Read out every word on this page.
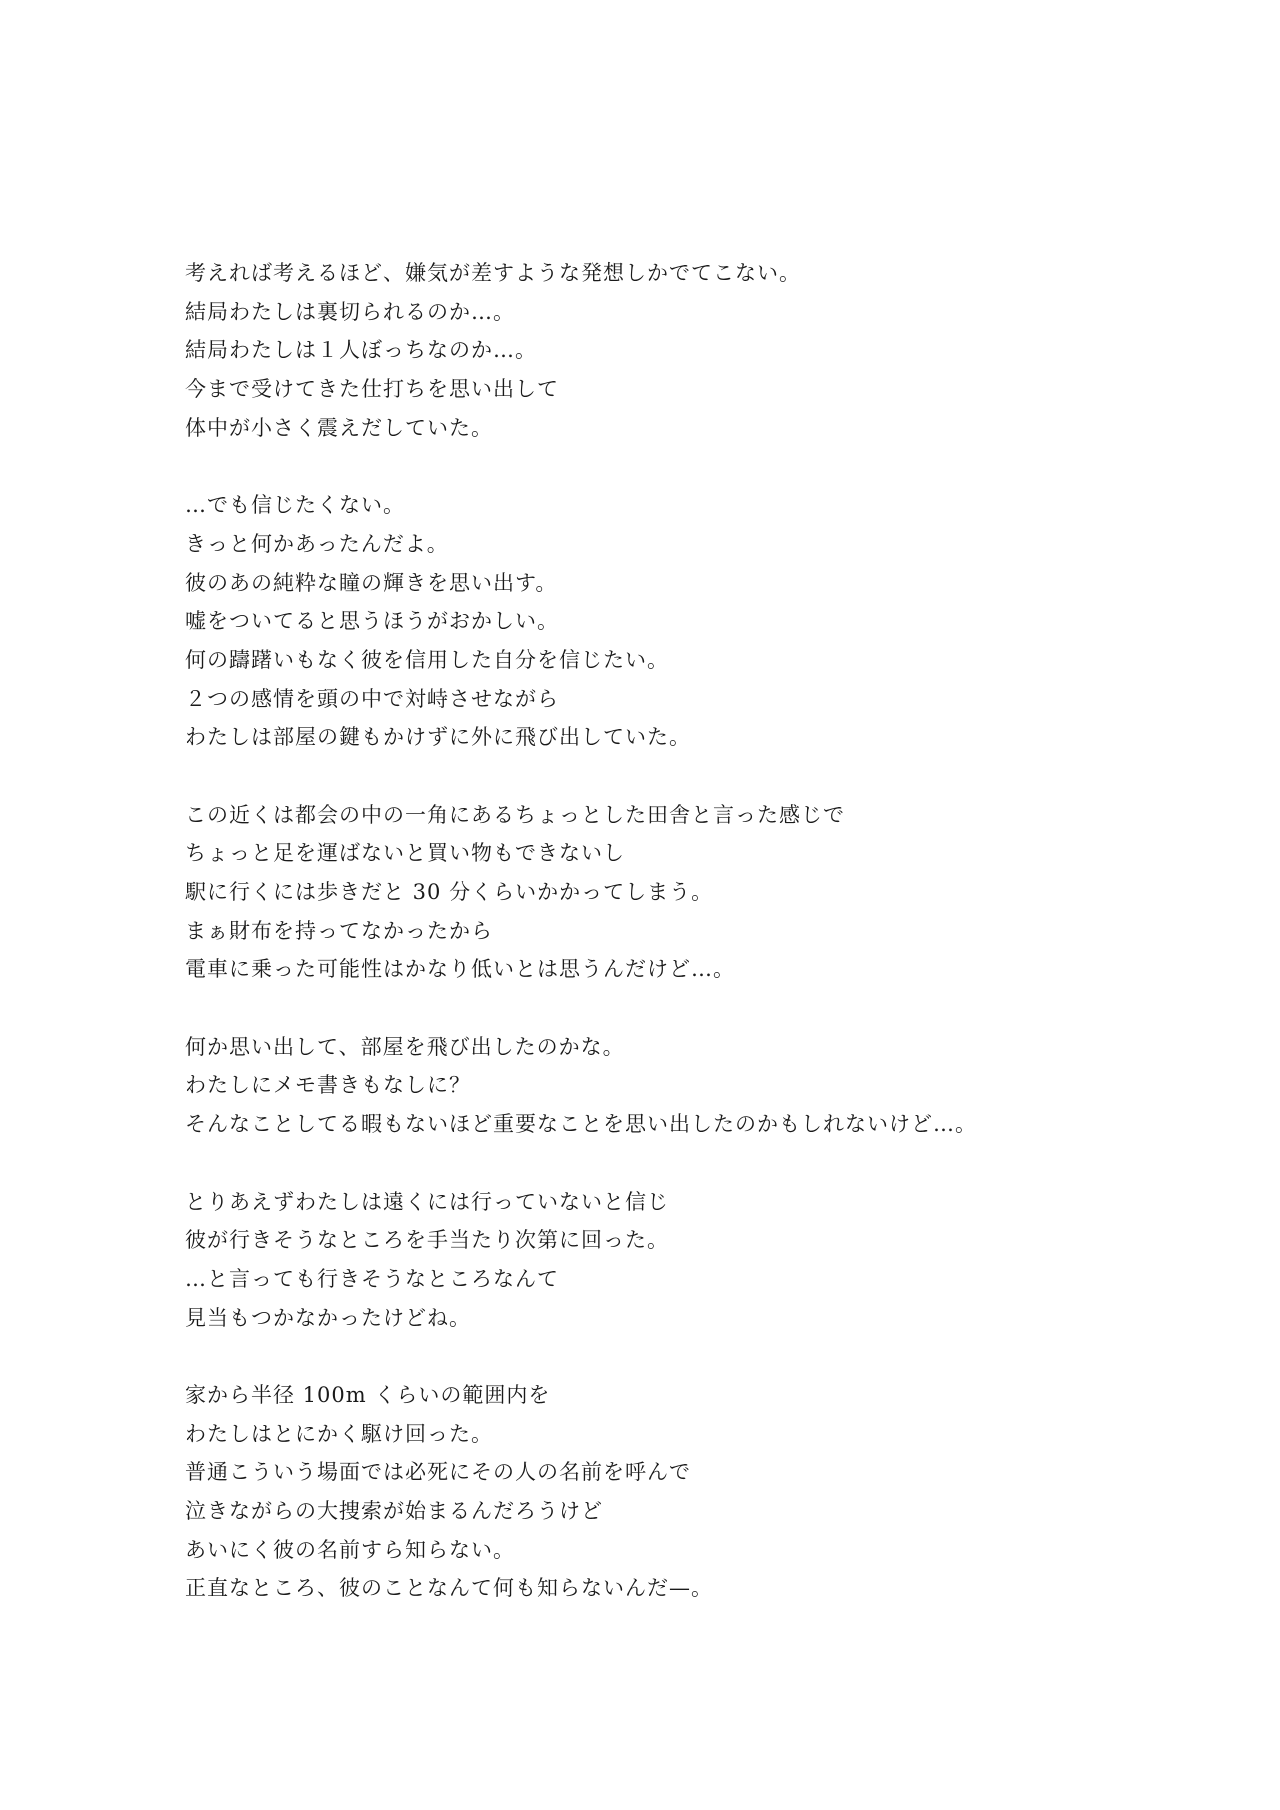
考えれば考えるほど、嫌気が差すような発想しかでてこない。
結局わたしは裏切られるのか…。
結局わたしは１人ぼっちなのか…。
今まで受けてきた仕打ちを思い出して
体中が小さく震えだしていた。
…でも信じたくない。
きっと何かあったんだよ。
彼のあの純粋な瞳の輝きを思い出す。
嘘をついてると思うほうがおかしい。
何の躊躇いもなく彼を信用した自分を信じたい。
２つの感情を頭の中で対峙させながら
わたしは部屋の鍵もかけずに外に飛び出していた。
この近くは都会の中の一角にあるちょっとした田舎と言った感じで
ちょっと足を運ばないと買い物もできないし
駅に行くには歩きだと 30 分くらいかかってしまう。
まぁ財布を持ってなかったから
電車に乗った可能性はかなり低いとは思うんだけど…。
何か思い出して、部屋を飛び出したのかな。
わたしにメモ書きもなしに？
そんなことしてる暇もないほど重要なことを思い出したのかもしれないけど…。
とりあえずわたしは遠くには行っていないと信じ
彼が行きそうなところを手当たり次第に回った。
…と言っても行きそうなところなんて
見当もつかなかったけどね。
家から半径 100m くらいの範囲内を
わたしはとにかく駆け回った。
普通こういう場面では必死にその人の名前を呼んで
泣きながらの大捜索が始まるんだろうけど
あいにく彼の名前すら知らない。
正直なところ、彼のことなんて何も知らないんだ—。
